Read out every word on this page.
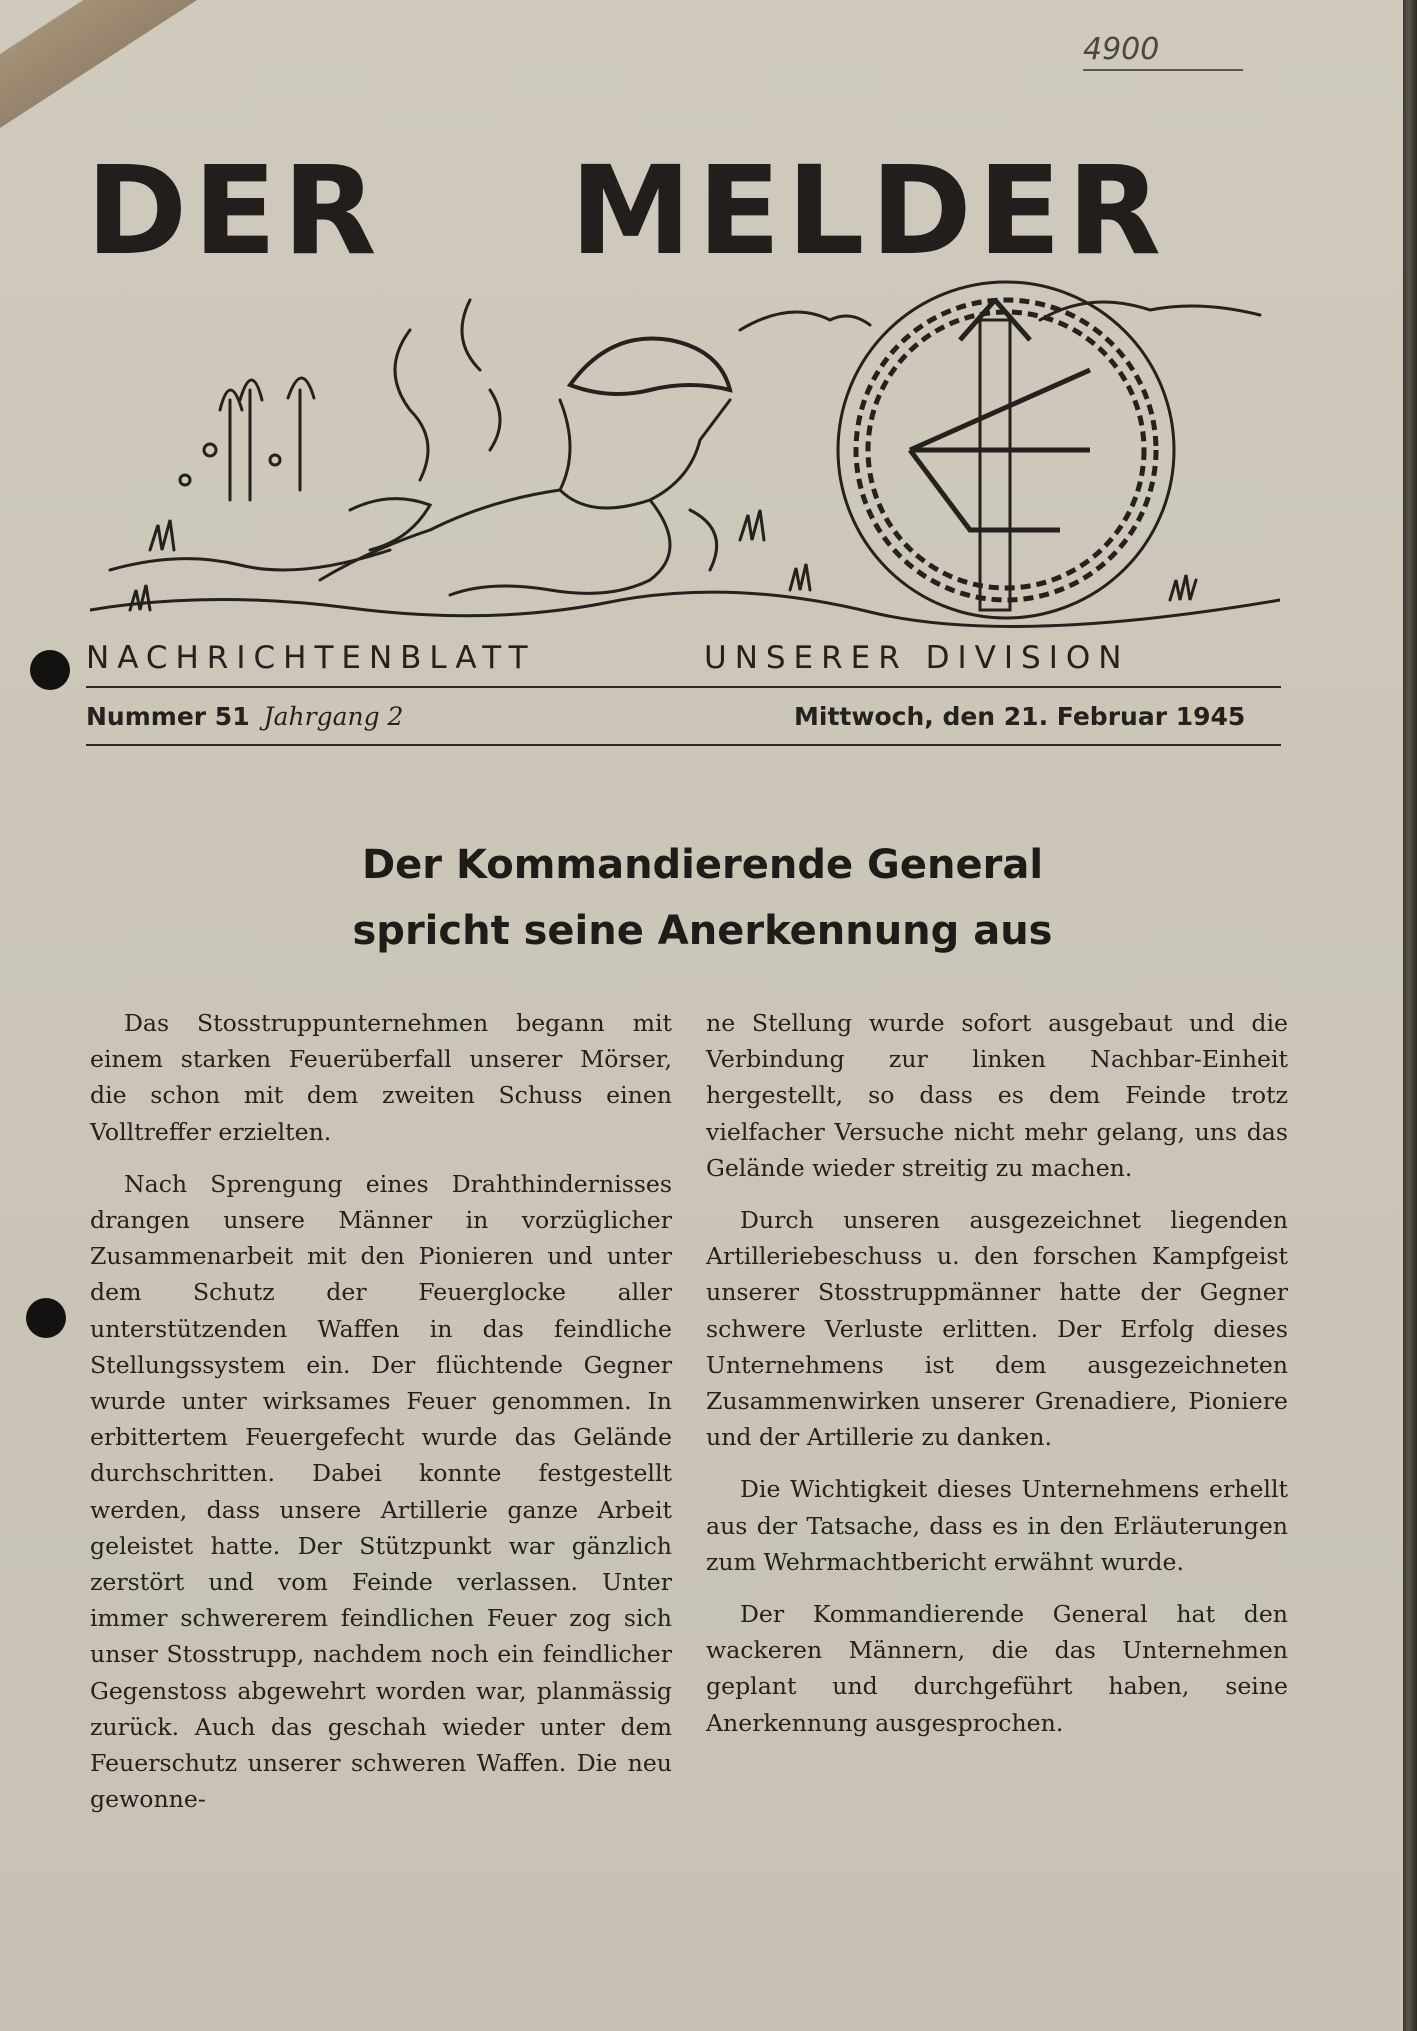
4900
DER MELDER
NACHRICHTENBLATT	UNSERER DIVISION
Nummer 51 Jahrgang 2	Mittwoch, den 21. Februar 1945
Der Kommandierende General
spricht seine Anerkennung aus

Das Stosstruppunternehmen begann mit einem starken Feuerüberfall unserer Mörser, die schon mit dem zweiten Schuss einen Volltreffer erzielten.

Nach Sprengung eines Drahthindernisses drangen unsere Männer in vorzüglicher Zusammenarbeit mit den Pionieren und unter dem Schutz der Feuerglocke aller unterstützenden Waffen in das feindliche Stellungssystem ein. Der flüchtende Gegner wurde unter wirksames Feuer genommen. In erbittertem Feuergefecht wurde das Gelände durchschritten. Dabei konnte festgestellt werden, dass unsere Artillerie ganze Arbeit geleistet hatte. Der Stützpunkt war gänzlich zerstört und vom Feinde verlassen. Unter immer schwererem feindlichen Feuer zog sich unser Stosstrupp, nachdem noch ein feindlicher Gegenstoss abgewehrt worden war, planmässig zurück. Auch das geschah wieder unter dem Feuerschutz unserer schweren Waffen. Die neu gewonne-

ne Stellung wurde sofort ausgebaut und die Verbindung zur linken Nachbar-Einheit hergestellt, so dass es dem Feinde trotz vielfacher Versuche nicht mehr gelang, uns das Gelände wieder streitig zu machen.

Durch unseren ausgezeichnet liegenden Artilleriebeschuss u. den forschen Kampfgeist unserer Stosstruppmänner hatte der Gegner schwere Verluste erlitten. Der Erfolg dieses Unternehmens ist dem ausgezeichneten Zusammenwirken unserer Grenadiere, Pioniere und der Artillerie zu danken.

Die Wichtigkeit dieses Unternehmens erhellt aus der Tatsache, dass es in den Erläuterungen zum Wehrmachtbericht erwähnt wurde.

Der Kommandierende General hat den wackeren Männern, die das Unternehmen geplant und durchgeführt haben, seine Anerkennung ausgesprochen.
